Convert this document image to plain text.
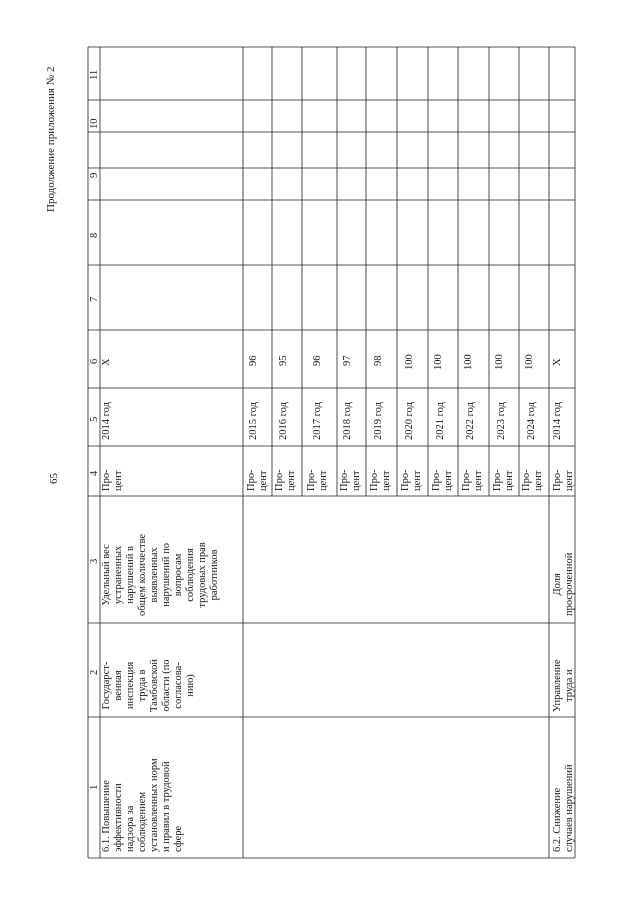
65
Продолжение приложения № 2
1
2
3
4
5
6
7
8
9
10
11
6.1. Повышение
эффективности
надзора за
соблюдением
установленных норм
и правил в трудовой
сфере
Государст-
венная
инспекция
труда в
Тамбовской
области (по
согласова-
нию)
Удельный вес
устраненных
нарушений в
общем количестве
выявленных
нарушений по
вопросам
соблюдения
трудовых прав
работников
Про-
цент
2014 год
X
Про-
цент
2015 год
96
Про-
цент
2016 год
95
Про-
цент
2017 год
96
Про-
цент
2018 год
97
Про-
цент
2019 год
98
Про-
цент
2020 год
100
Про-
цент
2021 год
100
Про-
цент
2022 год
100
Про-
цент
2023 год
100
Про-
цент
2024 год
100
6.2. Снижение
случаев нарушений
Управление
труда и
Доля
просроченной
Про-
цент
2014 год
X
